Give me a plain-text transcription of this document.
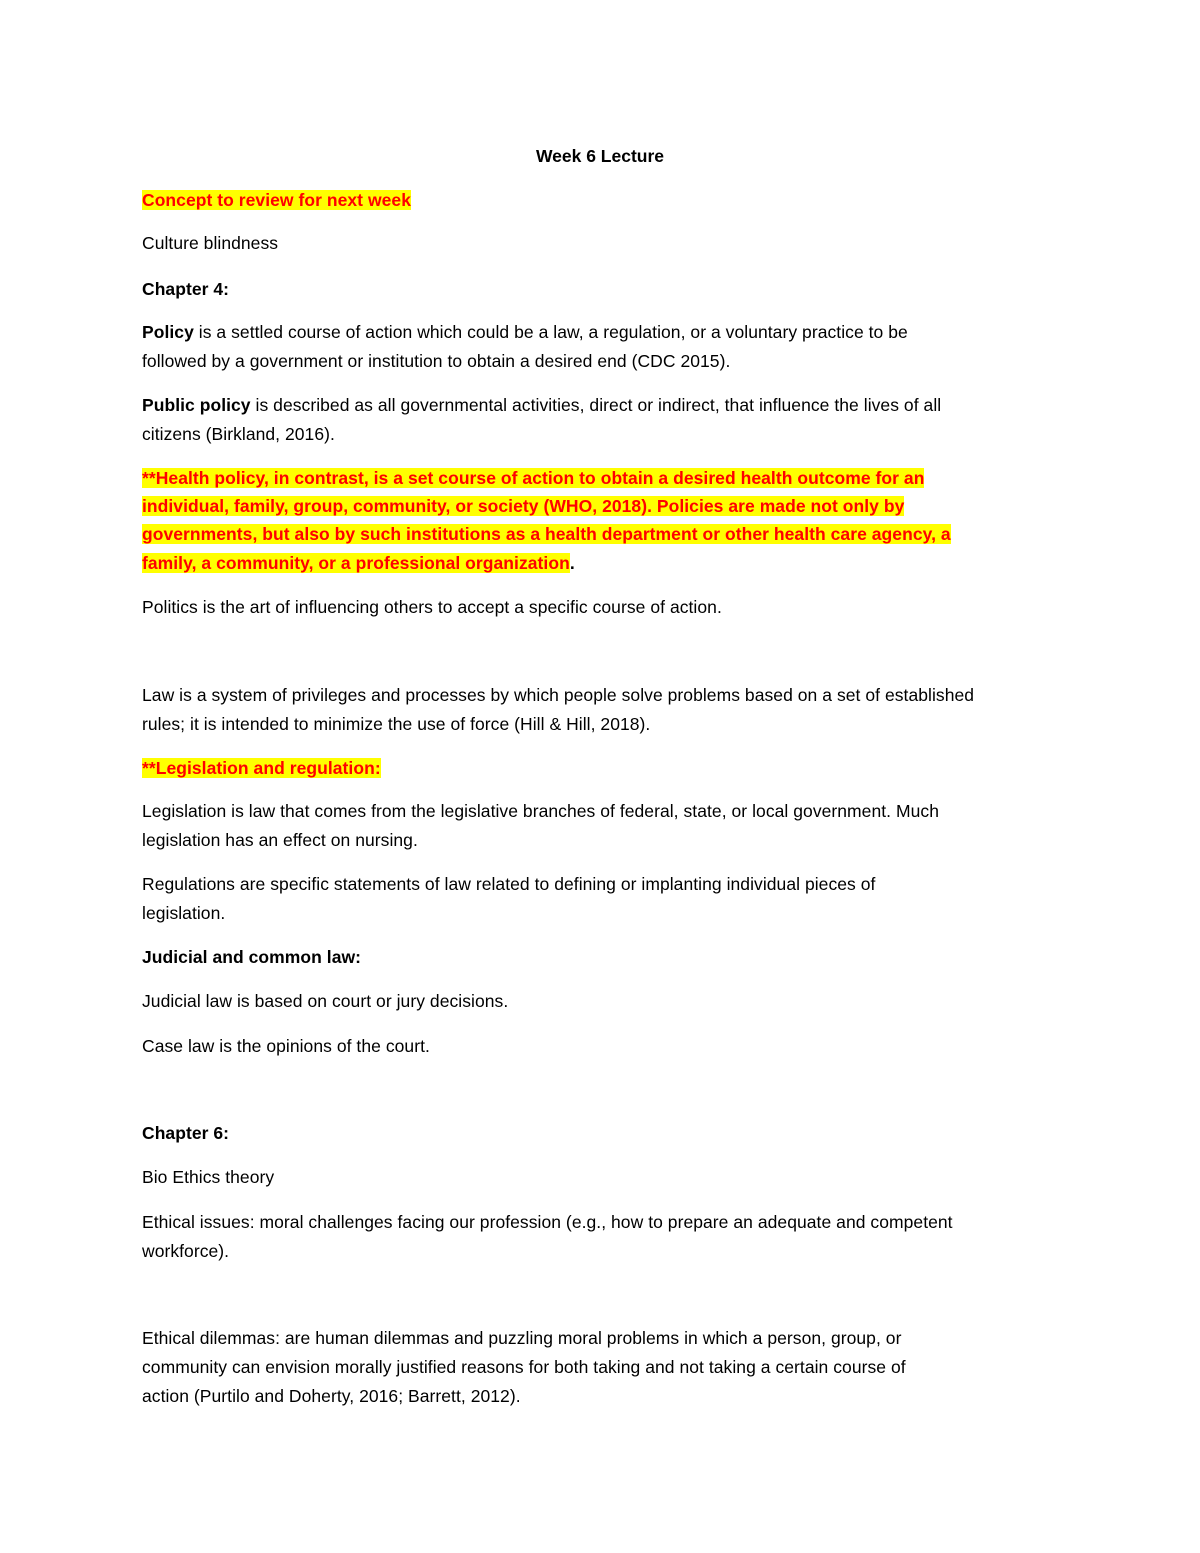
Week 6 Lecture
Concept to review for next week
Culture blindness
Chapter 4:
Policy is a settled course of action which could be a law, a regulation, or a voluntary practice to be
followed by a government or institution to obtain a desired end (CDC 2015).
Public policy is described as all governmental activities, direct or indirect, that influence the lives of all
citizens (Birkland, 2016).
**Health policy, in contrast, is a set course of action to obtain a desired health outcome for an
individual, family, group, community, or society (WHO, 2018). Policies are made not only by
governments, but also by such institutions as a health department or other health care agency, a
family, a community, or a professional organization.
Politics is the art of influencing others to accept a specific course of action.
Law is a system of privileges and processes by which people solve problems based on a set of established
rules; it is intended to minimize the use of force (Hill & Hill, 2018).
**Legislation and regulation:
Legislation is law that comes from the legislative branches of federal, state, or local government. Much
legislation has an effect on nursing.
Regulations are specific statements of law related to defining or implanting individual pieces of
legislation.
Judicial and common law:
Judicial law is based on court or jury decisions.
Case law is the opinions of the court.
Chapter 6:
Bio Ethics theory
Ethical issues: moral challenges facing our profession (e.g., how to prepare an adequate and competent
workforce).
Ethical dilemmas: are human dilemmas and puzzling moral problems in which a person, group, or
community can envision morally justified reasons for both taking and not taking a certain course of
action (Purtilo and Doherty, 2016; Barrett, 2012).
